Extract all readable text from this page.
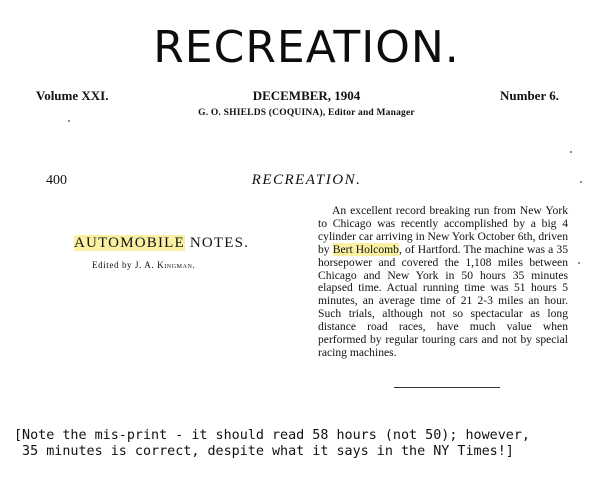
RECREATION.
Volume XXI.	DECEMBER, 1904	Number 6.
G. O. SHIELDS (COQUINA), Editor and Manager
400	RECREATION.
AUTOMOBILE NOTES.
Edited by J. A. Kingman.

An excellent record breaking run from New York to Chicago was recently accomplished by a big 4 cylinder car arriving in New York October 6th, driven by Bert Holcomb, of Hartford. The machine was a 35 horsepower and covered the 1,108 miles between Chicago and New York in 50 hours 35 minutes elapsed time. Actual running time was 51 hours 5 minutes, an average time of 21 2-3 miles an hour. Such trials, although not so spectacular as long distance road races, have much value when performed by regular touring cars and not by special racing machines.

[Note the mis-print - it should read 58 hours (not 50); however,
35 minutes is correct, despite what it says in the NY Times!]
